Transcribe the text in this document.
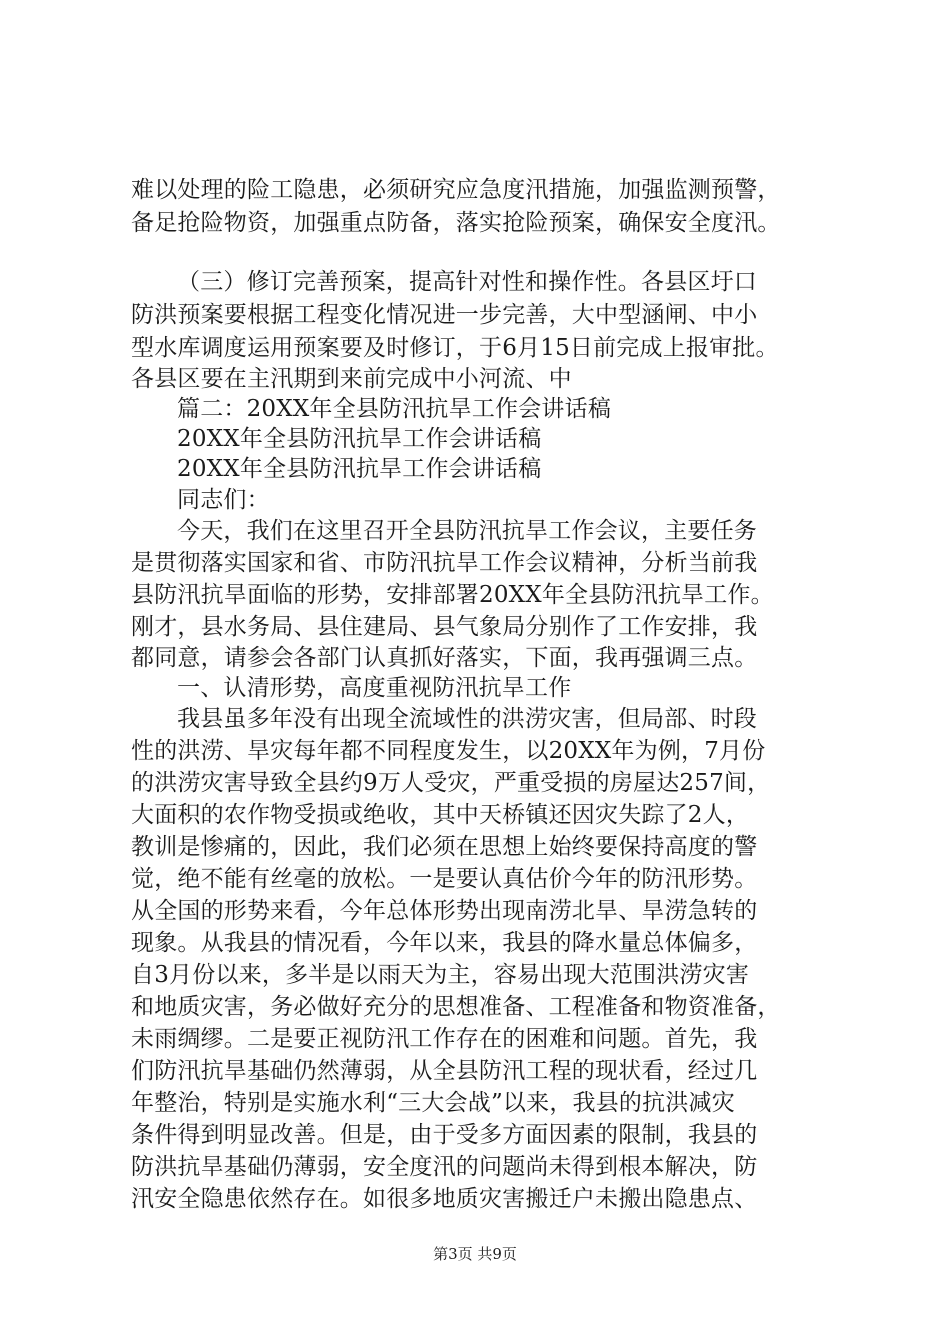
难以处理的险工隐患，必须研究应急度汛措施，加强监测预警，
备足抢险物资，加强重点防备，落实抢险预案，确保安全度汛。
（三）修订完善预案，提高针对性和操作性。各县区圩口
防洪预案要根据工程变化情况进一步完善，大中型涵闸、中小
型水库调度运用预案要及时修订，于6月15日前完成上报审批。
各县区要在主汛期到来前完成中小河流、中
篇二：20XX年全县防汛抗旱工作会讲话稿
20XX年全县防汛抗旱工作会讲话稿
20XX年全县防汛抗旱工作会讲话稿
同志们：
今天，我们在这里召开全县防汛抗旱工作会议，主要任务
是贯彻落实国家和省、市防汛抗旱工作会议精神，分析当前我
县防汛抗旱面临的形势，安排部署20XX年全县防汛抗旱工作。
刚才，县水务局、县住建局、县气象局分别作了工作安排，我
都同意，请参会各部门认真抓好落实，下面，我再强调三点。
一、认清形势，高度重视防汛抗旱工作
我县虽多年没有出现全流域性的洪涝灾害，但局部、时段
性的洪涝、旱灾每年都不同程度发生，以20XX年为例，7月份
的洪涝灾害导致全县约9万人受灾，严重受损的房屋达257间，
大面积的农作物受损或绝收，其中天桥镇还因灾失踪了2人，
教训是惨痛的，因此，我们必须在思想上始终要保持高度的警
觉，绝不能有丝毫的放松。一是要认真估价今年的防汛形势。
从全国的形势来看，今年总体形势出现南涝北旱、旱涝急转的
现象。从我县的情况看，今年以来，我县的降水量总体偏多，
自3月份以来，多半是以雨天为主，容易出现大范围洪涝灾害
和地质灾害，务必做好充分的思想准备、工程准备和物资准备，
未雨绸缪。二是要正视防汛工作存在的困难和问题。首先，我
们防汛抗旱基础仍然薄弱，从全县防汛工程的现状看，经过几
年整治，特别是实施水利“三大会战”以来，我县的抗洪减灾
条件得到明显改善。但是，由于受多方面因素的限制，我县的
防洪抗旱基础仍薄弱，安全度汛的问题尚未得到根本解决，防
汛安全隐患依然存在。如很多地质灾害搬迁户未搬出隐患点、
第3页 共9页
